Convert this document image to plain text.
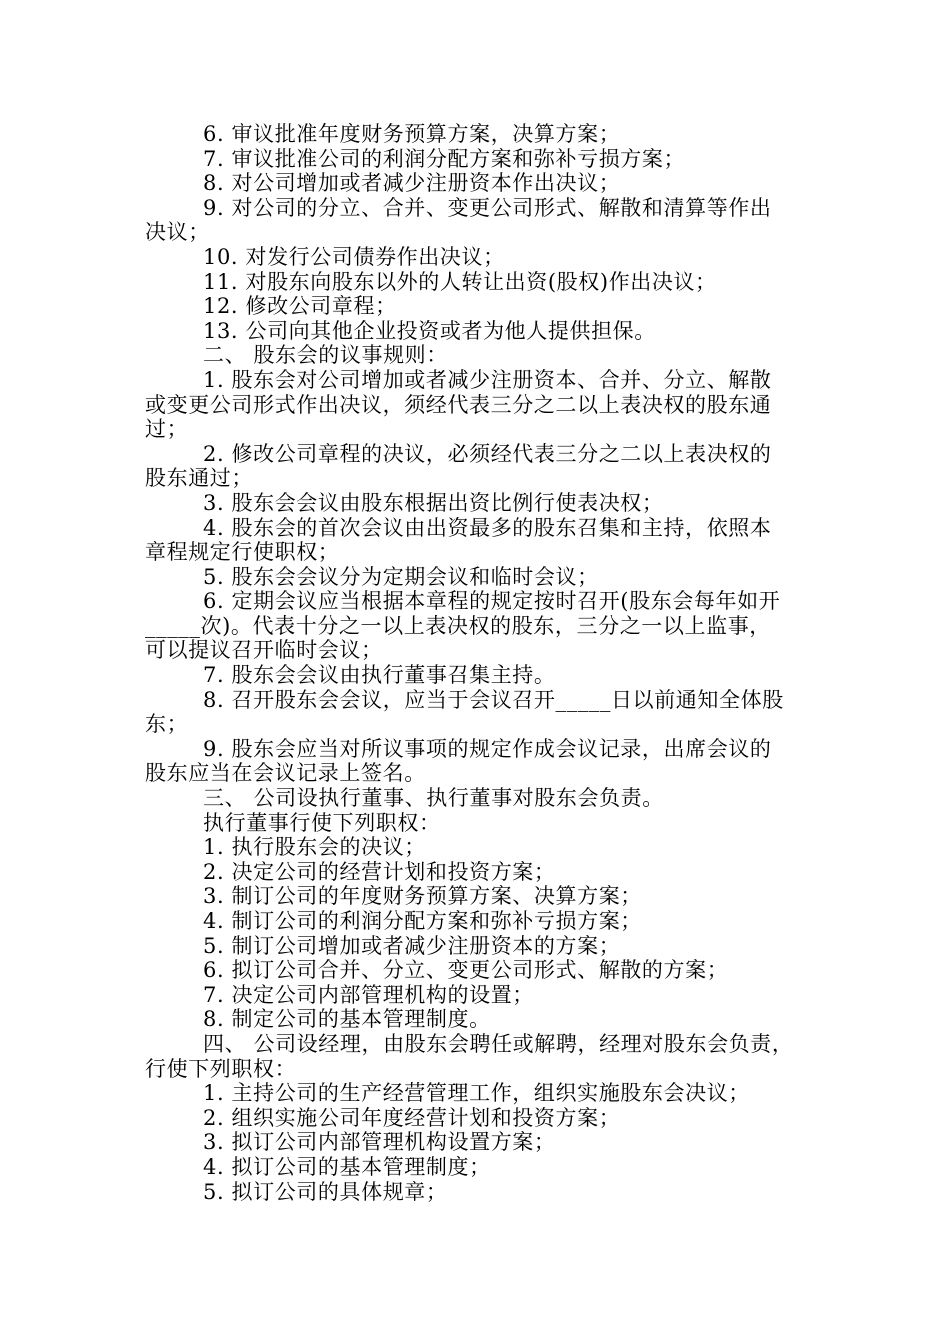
6. 审议批准年度财务预算方案，决算方案；
7. 审议批准公司的利润分配方案和弥补亏损方案；
8. 对公司增加或者减少注册资本作出决议；
9. 对公司的分立、合并、变更公司形式、解散和清算等作出
决议；
10. 对发行公司债券作出决议；
11. 对股东向股东以外的人转让出资(股权)作出决议；
12. 修改公司章程；
13. 公司向其他企业投资或者为他人提供担保。
二、 股东会的议事规则：
1. 股东会对公司增加或者减少注册资本、合并、分立、解散
或变更公司形式作出决议，须经代表三分之二以上表决权的股东通
过；
2. 修改公司章程的决议，必须经代表三分之二以上表决权的
股东通过；
3. 股东会会议由股东根据出资比例行使表决权；
4. 股东会的首次会议由出资最多的股东召集和主持，依照本
章程规定行使职权；
5. 股东会会议分为定期会议和临时会议；
6. 定期会议应当根据本章程的规定按时召开(股东会每年如开
_____次)。代表十分之一以上表决权的股东，三分之一以上监事，
可以提议召开临时会议；
7. 股东会会议由执行董事召集主持。
8. 召开股东会会议，应当于会议召开_____日以前通知全体股
东；
9. 股东会应当对所议事项的规定作成会议记录，出席会议的
股东应当在会议记录上签名。
三、 公司设执行董事、执行董事对股东会负责。
执行董事行使下列职权：
1. 执行股东会的决议；
2. 决定公司的经营计划和投资方案；
3. 制订公司的年度财务预算方案、决算方案；
4. 制订公司的利润分配方案和弥补亏损方案；
5. 制订公司增加或者减少注册资本的方案；
6. 拟订公司合并、分立、变更公司形式、解散的方案；
7. 决定公司内部管理机构的设置；
8. 制定公司的基本管理制度。
四、 公司设经理，由股东会聘任或解聘，经理对股东会负责，
行使下列职权：
1. 主持公司的生产经营管理工作，组织实施股东会决议；
2. 组织实施公司年度经营计划和投资方案；
3. 拟订公司内部管理机构设置方案；
4. 拟订公司的基本管理制度；
5. 拟订公司的具体规章；
